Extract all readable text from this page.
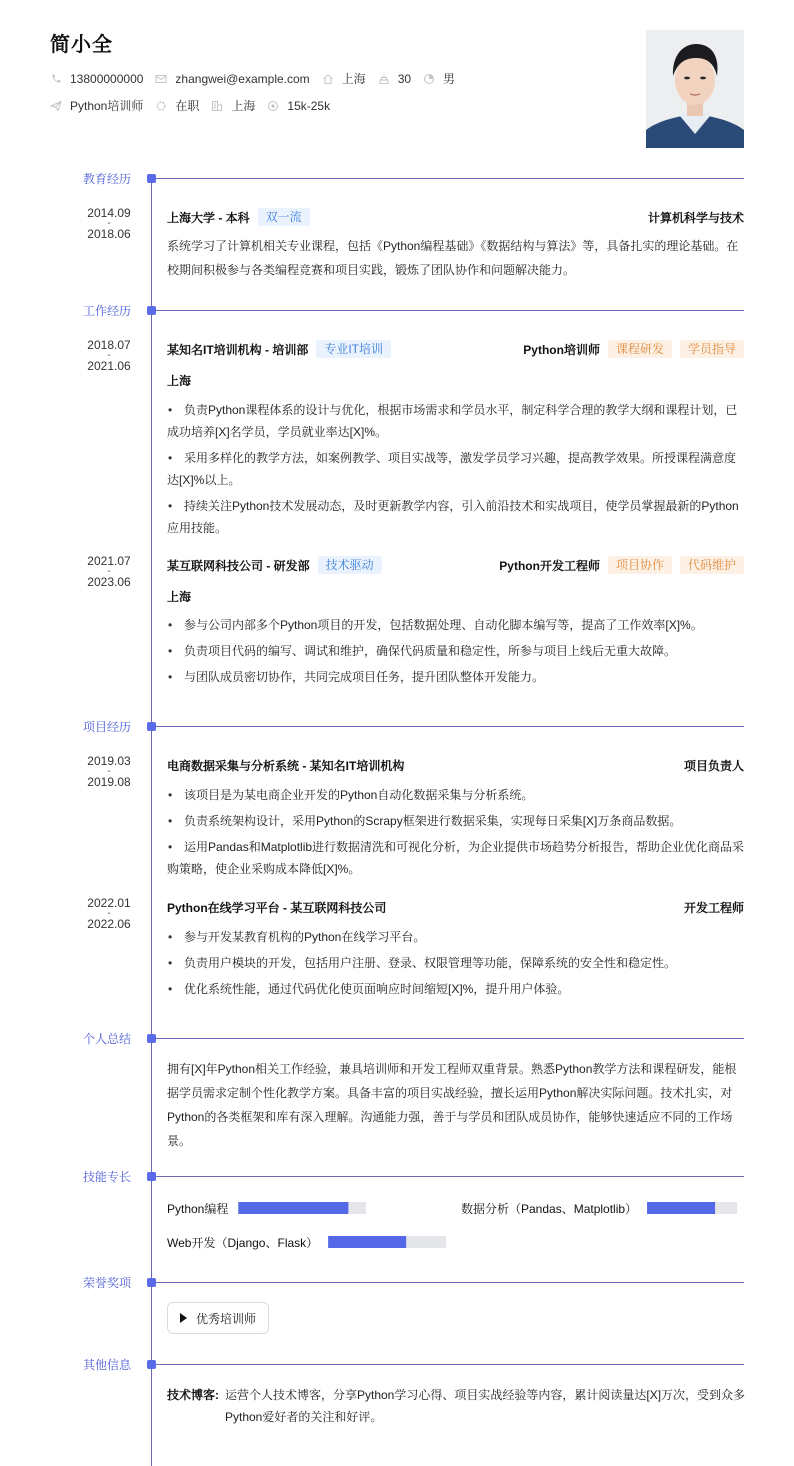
简小全
13800000000	zhangwei@example.com	上海	30	男
Python培训师	在职	上海	15k-25k
教育经历
2014.09
-
2018.06
上海大学 - 本科	双一流	计算机科学与技术
系统学习了计算机相关专业课程，包括《Python编程基础》《数据结构与算法》等，具备扎实的理论基础。在校期间积极参与各类编程竞赛和项目实践，锻炼了团队协作和问题解决能力。
工作经历
2018.07
-
2021.06
某知名IT培训机构 - 培训部	专业IT培训	Python培训师	课程研发	学员指导
上海
• 负责Python课程体系的设计与优化，根据市场需求和学员水平，制定科学合理的教学大纲和课程计划，已成功培养[X]名学员，学员就业率达[X]%。
• 采用多样化的教学方法，如案例教学、项目实战等，激发学员学习兴趣，提高教学效果。所授课程满意度达[X]%以上。
• 持续关注Python技术发展动态，及时更新教学内容，引入前沿技术和实战项目，使学员掌握最新的Python应用技能。
2021.07
-
2023.06
某互联网科技公司 - 研发部	技术驱动	Python开发工程师	项目协作	代码维护
上海
• 参与公司内部多个Python项目的开发，包括数据处理、自动化脚本编写等，提高了工作效率[X]%。
• 负责项目代码的编写、调试和维护，确保代码质量和稳定性，所参与项目上线后无重大故障。
• 与团队成员密切协作，共同完成项目任务，提升团队整体开发能力。
项目经历
2019.03
-
2019.08
电商数据采集与分析系统 - 某知名IT培训机构	项目负责人
• 该项目是为某电商企业开发的Python自动化数据采集与分析系统。
• 负责系统架构设计，采用Python的Scrapy框架进行数据采集，实现每日采集[X]万条商品数据。
• 运用Pandas和Matplotlib进行数据清洗和可视化分析，为企业提供市场趋势分析报告，帮助企业优化商品采购策略，使企业采购成本降低[X]%。
2022.01
-
2022.06
Python在线学习平台 - 某互联网科技公司	开发工程师
• 参与开发某教育机构的Python在线学习平台。
• 负责用户模块的开发，包括用户注册、登录、权限管理等功能，保障系统的安全性和稳定性。
• 优化系统性能，通过代码优化使页面响应时间缩短[X]%，提升用户体验。
个人总结
拥有[X]年Python相关工作经验，兼具培训师和开发工程师双重背景。熟悉Python教学方法和课程研发，能根据学员需求定制个性化教学方案。具备丰富的项目实战经验，擅长运用Python解决实际问题。技术扎实，对Python的各类框架和库有深入理解。沟通能力强，善于与学员和团队成员协作，能够快速适应不同的工作场景。
技能专长
Python编程	数据分析（Pandas、Matplotlib）
Web开发（Django、Flask）
荣誉奖项
优秀培训师
其他信息
技术博客: 运营个人技术博客，分享Python学习心得、项目实战经验等内容，累计阅读量达[X]万次，受到众多Python爱好者的关注和好评。
